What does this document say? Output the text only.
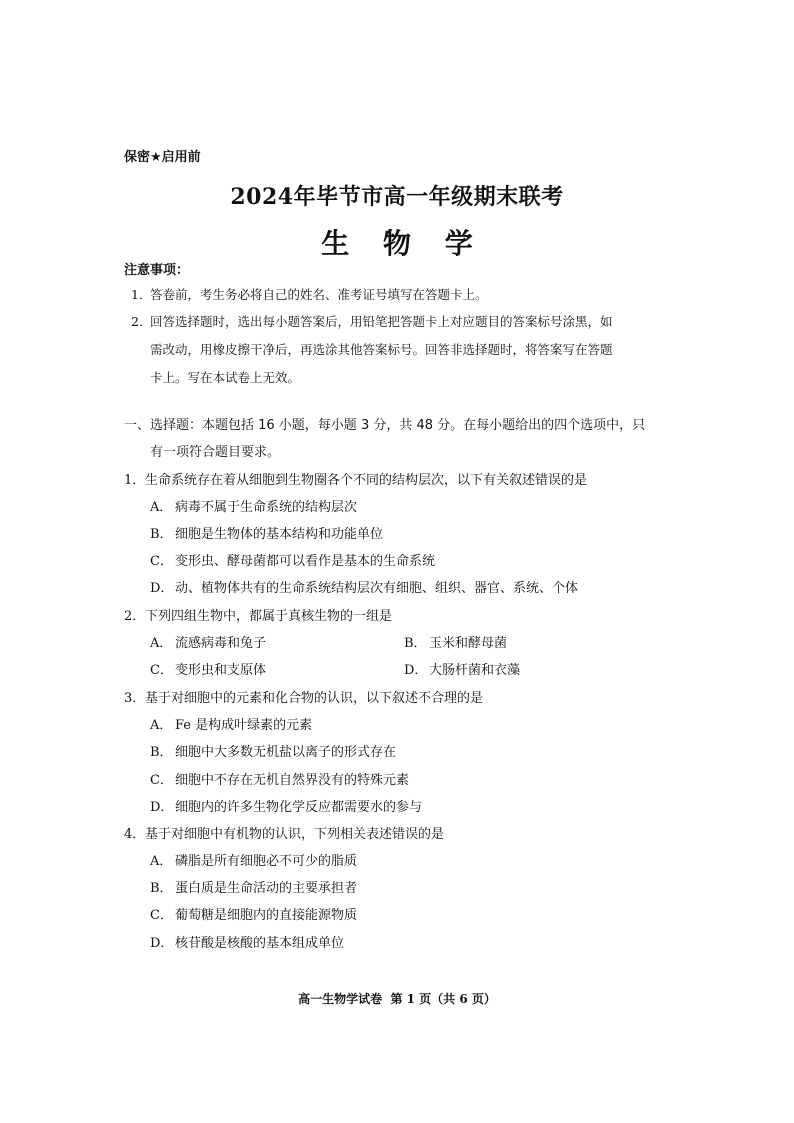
保密★启用前
2024年毕节市高一年级期末联考
生 物 学
注意事项：
1. 答卷前，考生务必将自己的姓名、准考证号填写在答题卡上。
2. 回答选择题时，选出每小题答案后，用铅笔把答题卡上对应题目的答案标号涂黑，如
需改动，用橡皮擦干净后，再选涂其他答案标号。回答非选择题时，将答案写在答题
卡上。写在本试卷上无效。
一、选择题：本题包括 16 小题，每小题 3 分，共 48 分。在每小题给出的四个选项中，只
有一项符合题目要求。
1． 生命系统存在着从细胞到生物圈各个不同的结构层次，以下有关叙述错误的是
A． 病毒不属于生命系统的结构层次
B． 细胞是生物体的基本结构和功能单位
C． 变形虫、酵母菌都可以看作是基本的生命系统
D． 动、植物体共有的生命系统结构层次有细胞、组织、器官、系统、个体
2． 下列四组生物中，都属于真核生物的一组是
A． 流感病毒和兔子	B． 玉米和酵母菌
C． 变形虫和支原体	D． 大肠杆菌和衣藻
3． 基于对细胞中的元素和化合物的认识，以下叙述不合理的是
A． Fe 是构成叶绿素的元素
B． 细胞中大多数无机盐以离子的形式存在
C． 细胞中不存在无机自然界没有的特殊元素
D． 细胞内的许多生物化学反应都需要水的参与
4． 基于对细胞中有机物的认识，下列相关表述错误的是
A． 磷脂是所有细胞必不可少的脂质
B． 蛋白质是生命活动的主要承担者
C． 葡萄糖是细胞内的直接能源物质
D． 核苷酸是核酸的基本组成单位
高一生物学试卷 第 1 页（共 6 页）
